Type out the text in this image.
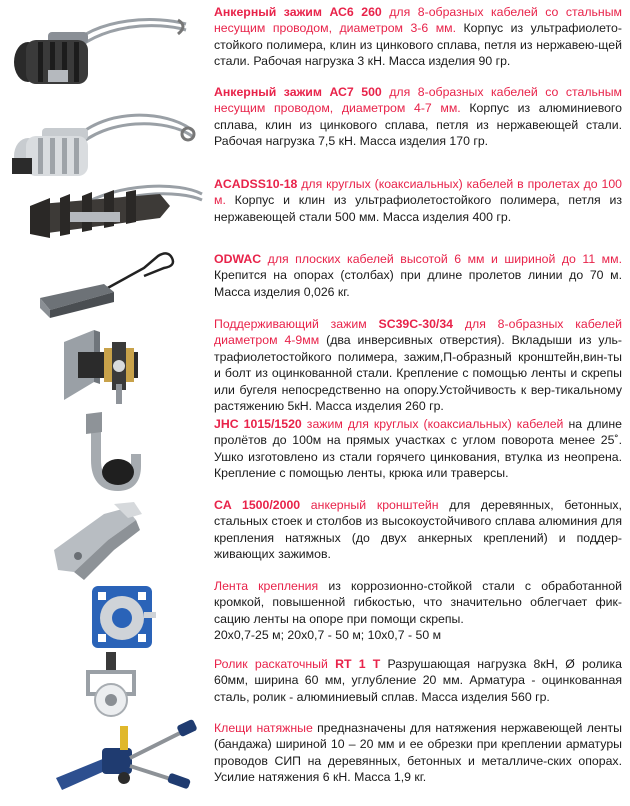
Анкерный зажим АС6 260 для 8-образных кабелей со стальным несущим проводом, диаметром 3-6 мм. Корпус из ультрафиолето-стойкого полимера, клин из цинкового сплава, петля из нержавею-щей стали. Рабочая нагрузка 3 кН. Масса изделия 90 гр.

Анкерный зажим АС7 500 для 8-образных кабелей со стальным несущим проводом, диаметром 4-7 мм. Корпус из алюминиевого сплава, клин из цинкового сплава, петля из нержавеющей стали. Рабочая нагрузка 7,5 кН. Масса изделия 170 гр.

ACADSS10-18 для круглых (коаксиальных) кабелей в пролетах до 100 м. Корпус и клин из ультрафиолетостойкого полимера, петля из нержавеющей стали 500 мм. Масса изделия 400 гр.

ODWAC для плоских кабелей высотой 6 мм и шириной до 11 мм. Крепится на опорах (столбах) при длине пролетов линии до 70 м. Масса изделия 0,026 кг.

Поддерживающий зажим SC39C-30/34 для 8-образных кабелей диаметром 4-9мм (два инверсивных отверстия). Вкладыши из уль-трафиолетостойкого полимера, зажим,П-образный кронштейн,вин-ты и болт из оцинкованной стали. Крепление с помощью ленты и скрепы или бугеля непосредственно на опору.Устойчивость к вер-тикальному растяжению 5кН. Масса изделия 260 гр.

JHC 1015/1520 зажим для круглых (коаксиальных) кабелей на длине пролётов до 100м на прямых участках с углом поворота менее 25˚. Ушко изготовлено из стали горячего цинкования, втулка из неопрена. Крепление с помощью ленты, крюка или траверсы.

CA 1500/2000 анкерный кронштейн для деревянных, бетонных, стальных стоек и столбов из высокоустойчивого сплава алюминия для крепления натяжных (до двух анкерных креплений) и поддер-живающих зажимов.

Лента крепления из коррозионно-стойкой стали с обработанной кромкой, повышенной гибкостью, что значительно облегчает фик-сацию ленты на опоре при помощи скрепы.

20х0,7-25 м; 20х0,7 - 50 м; 10х0,7 - 50 м

Ролик раскаточный RT 1 T Разрушающая нагрузка 8кН, Ø ролика 60мм, ширина 60 мм, углубление 20 мм. Арматура - оцинкованная сталь, ролик - алюминиевый сплав. Масса изделия 560 гр.

Клещи натяжные предназначены для натяжения нержавеющей ленты (бандажа) шириной 10 – 20 мм и ее обрезки при креплении арматуры проводов СИП на деревянных, бетонных и металличе-ских опорах. Усилие натяжения 6 кН. Масса 1,9 кг.
